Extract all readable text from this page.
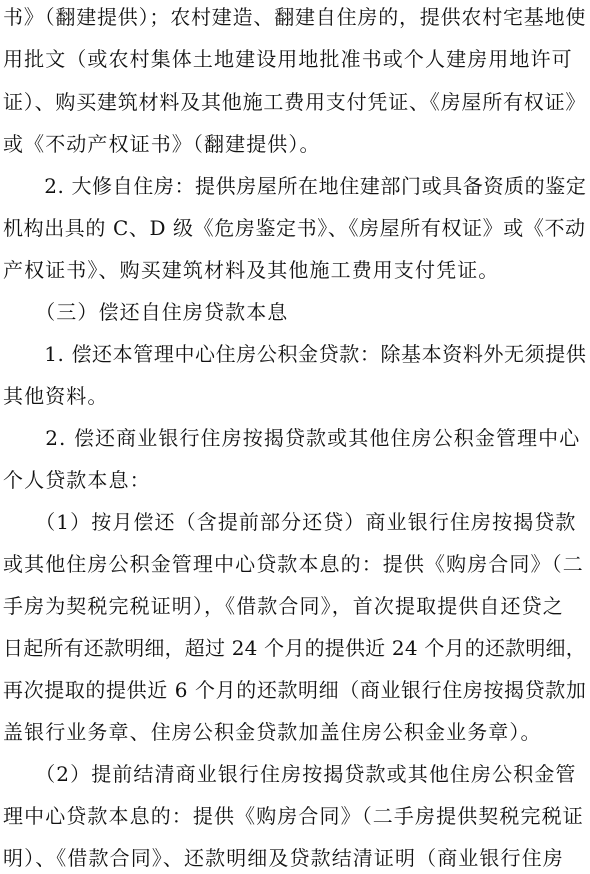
书》（翻建提供）；农村建造、翻建自住房的，提供农村宅基地使
用批文（或农村集体土地建设用地批准书或个人建房用地许可
证）、购买建筑材料及其他施工费用支付凭证、《房屋所有权证》
或《不动产权证书》（翻建提供）。
　　2. 大修自住房：提供房屋所在地住建部门或具备资质的鉴定
机构出具的 C、D 级《危房鉴定书》、《房屋所有权证》或《不动
产权证书》、购买建筑材料及其他施工费用支付凭证。
　　（三）偿还自住房贷款本息
　　1. 偿还本管理中心住房公积金贷款：除基本资料外无须提供
其他资料。
　　2. 偿还商业银行住房按揭贷款或其他住房公积金管理中心
个人贷款本息：
　　（1）按月偿还（含提前部分还贷）商业银行住房按揭贷款
或其他住房公积金管理中心贷款本息的：提供《购房合同》（二
手房为契税完税证明），《借款合同》，首次提取提供自还贷之
日起所有还款明细，超过 24 个月的提供近 24 个月的还款明细，
再次提取的提供近 6 个月的还款明细（商业银行住房按揭贷款加
盖银行业务章、住房公积金贷款加盖住房公积金业务章）。
　　（2）提前结清商业银行住房按揭贷款或其他住房公积金管
理中心贷款本息的：提供《购房合同》（二手房提供契税完税证
明）、《借款合同》、还款明细及贷款结清证明（商业银行住房
